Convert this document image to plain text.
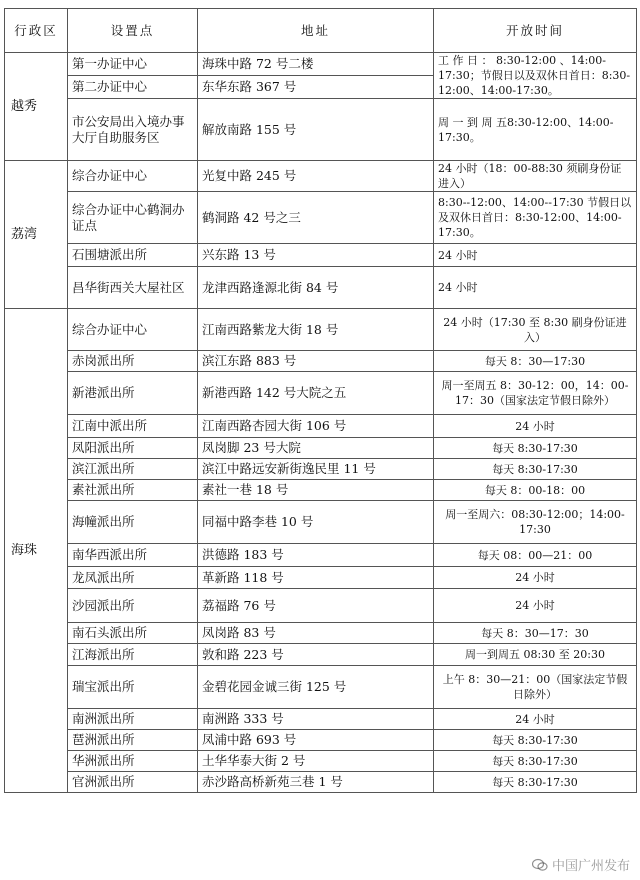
行政区	设置点	地址	开放时间
越秀	第一办证中心	海珠中路 72 号二楼	工 作 日 ： 8:30-12:00 、14:00-17:30；节假日以及双休日首日：8:30-12:00、14:00-17:30。
	第二办证中心	东华东路 367 号	
	市公安局出入境办事大厅自助服务区	解放南路 155 号	周 一 到 周 五8:30-12:00、14:00-17:30。
荔湾	综合办证中心	光复中路 245 号	24 小时（18：00-88:30 须刷身份证进入）
	综合办证中心鹤洞办证点	鹤洞路 42 号之三	8:30--12:00、14:00--17:30 节假日以及双休日首日：8:30-12:00、14:00-17:30。
	石围塘派出所	兴东路 13 号	24 小时
	昌华街西关大屋社区	龙津西路逢源北街 84 号	24 小时
海珠	综合办证中心	江南西路紫龙大街 18 号	24 小时（17:30 至 8:30 刷身份证进入）
	赤岗派出所	滨江东路 883 号	每天 8：30—17:30
	新港派出所	新港西路 142 号大院之五	周一至周五 8：30-12：00，14：00-17：30（国家法定节假日除外）
	江南中派出所	江南西路杏园大街 106 号	24 小时
	凤阳派出所	凤岗脚 23 号大院	每天 8:30-17:30
	滨江派出所	滨江中路远安新街逸民里 11 号	每天 8:30-17:30
	素社派出所	素社一巷 18 号	每天 8：00-18：00
	海幢派出所	同福中路李巷 10 号	周一至周六：08:30-12:00；14:00-17:30
	南华西派出所	洪德路 183 号	每天 08：00—21：00
	龙凤派出所	革新路 118 号	24 小时
	沙园派出所	荔福路 76 号	24 小时
	南石头派出所	凤岗路 83 号	每天 8：30—17：30
	江海派出所	敦和路 223 号	周一到周五 08:30 至 20:30
	瑞宝派出所	金碧花园金诚三街 125 号	上午 8：30—21：00（国家法定节假日除外）
	南洲派出所	南洲路 333 号	24 小时
	琶洲派出所	凤浦中路 693 号	每天 8:30-17:30
	华洲派出所	土华华泰大街 2 号	每天 8:30-17:30
	官洲派出所	赤沙路高桥新苑三巷 1 号	每天 8:30-17:30
中国广州发布
